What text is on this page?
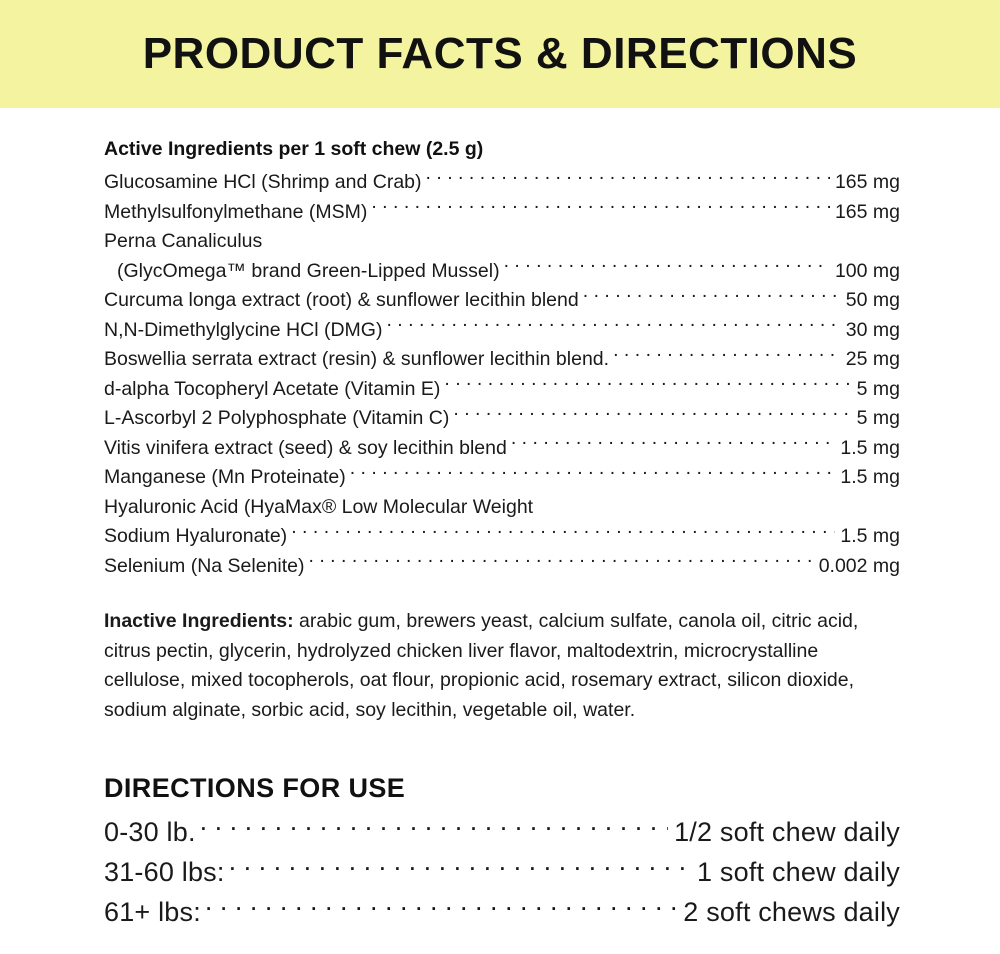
PRODUCT FACTS & DIRECTIONS
Active Ingredients per 1 soft chew (2.5 g)
Glucosamine HCl (Shrimp and Crab) . . .	165 mg
Methylsulfonylmethane (MSM) . . .	165 mg
Perna Canaliculus
(GlycOmega™ brand Green-Lipped Mussel) . . .	100 mg
Curcuma longa extract (root) & sunflower lecithin blend . . .	50 mg
N,N-Dimethylglycine HCl (DMG) . . .	30 mg
Boswellia serrata extract (resin) & sunflower lecithin blend. . . .	25 mg
d-alpha Tocopheryl Acetate (Vitamin E) . . .	5 mg
L-Ascorbyl 2 Polyphosphate (Vitamin C) . . .	5 mg
Vitis vinifera extract (seed) & soy lecithin blend . . .	1.5 mg
Manganese (Mn Proteinate) . . .	1.5 mg
Hyaluronic Acid (HyaMax® Low Molecular Weight
Sodium Hyaluronate) . . .	1.5 mg
Selenium (Na Selenite) . . .	0.002 mg

Inactive Ingredients: arabic gum, brewers yeast, calcium sulfate, canola oil, citric acid, citrus pectin, glycerin, hydrolyzed chicken liver flavor, maltodextrin, microcrystalline cellulose, mixed tocopherols, oat flour, propionic acid, rosemary extract, silicon dioxide, sodium alginate, sorbic acid, soy lecithin, vegetable oil, water.

DIRECTIONS FOR USE
0-30 lb. . . .	1/2 soft chew daily
31-60 lbs: . . .	1 soft chew daily
61+ lbs: . . .	2 soft chews daily
